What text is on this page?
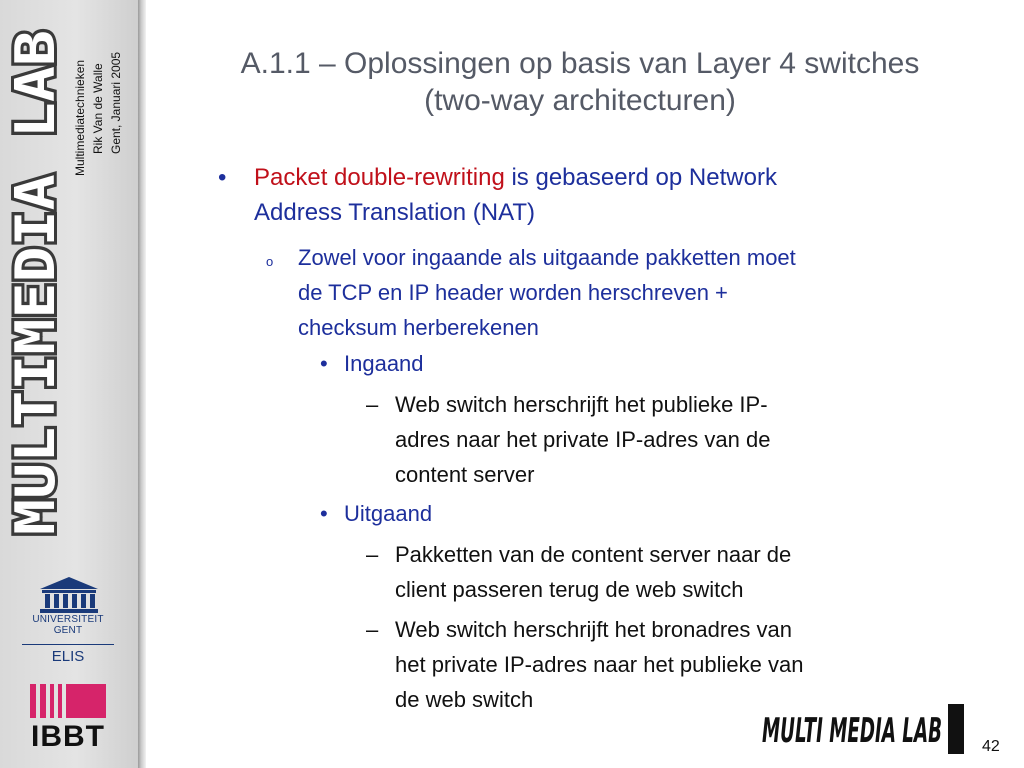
MULTIMEDIA LAB Multimediatechnieken Rik Van de Walle Gent, Januari 2005
UNIVERSITEIT
GENT
ELIS
IBBT
A.1.1 – Oplossingen op basis van Layer 4 switches
(two-way architecturen)
• Packet double-rewriting is gebaseerd op Network
Address Translation (NAT)
o Zowel voor ingaande als uitgaande pakketten moet
de TCP en IP header worden herschreven +
checksum herberekenen
• Ingaand
– Web switch herschrijft het publieke IP-
adres naar het private IP-adres van de
content server
• Uitgaand
– Pakketten van de content server naar de
client passeren terug de web switch
– Web switch herschrijft het bronadres van
het private IP-adres naar het publieke van
de web switch
MULTI MEDIA LAB	42
